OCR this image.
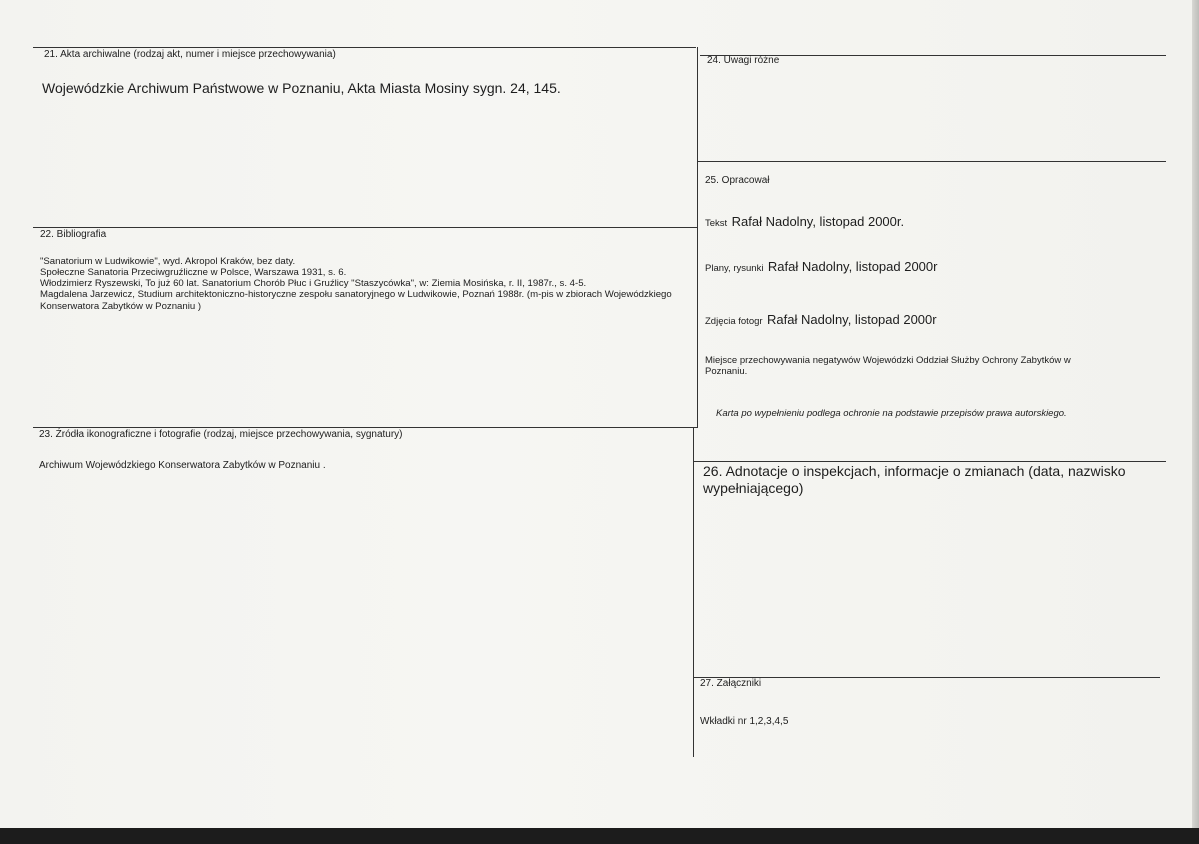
21. Akta archiwalne (rodzaj akt, numer i miejsce przechowywania)
Wojewódzkie Archiwum Państwowe w Poznaniu, Akta Miasta Mosiny sygn. 24, 145.
22. Bibliografia
"Sanatorium w Ludwikowie", wyd. Akropol Kraków, bez daty.
Społeczne Sanatoria Przeciwgruźliczne w Polsce, Warszawa 1931, s. 6.
Włodzimierz Ryszewski, To już 60 lat. Sanatorium Chorób Płuc i Gruźlicy "Staszycówka", w: Ziemia Mosińska, r. II, 1987r., s. 4-5.
Magdalena Jarzewicz, Studium architektoniczno-historyczne zespołu sanatoryjnego w Ludwikowie, Poznań 1988r. (m-pis w zbiorach Wojewódzkiego Konserwatora Zabytków w Poznaniu )
23. Źródła ikonograficzne i fotografie (rodzaj, miejsce przechowywania, sygnatury)
Archiwum Wojewódzkiego Konserwatora Zabytków w Poznaniu .
24. Uwagi różne
25. Opracował
Tekst Rafał Nadolny, listopad 2000r.
Plany, rysunki Rafał Nadolny, listopad 2000r
Zdjęcia fotogr Rafał Nadolny, listopad 2000r
Miejsce przechowywania negatywów Wojewódzki Oddział Służby Ochrony Zabytków w
Poznaniu.
Karta po wypełnieniu podlega ochronie na podstawie przepisów prawa autorskiego.
26. Adnotacje o inspekcjach, informacje o zmianach (data, nazwisko wypełniającego)
27. Załączniki
Wkładki nr 1,2,3,4,5
